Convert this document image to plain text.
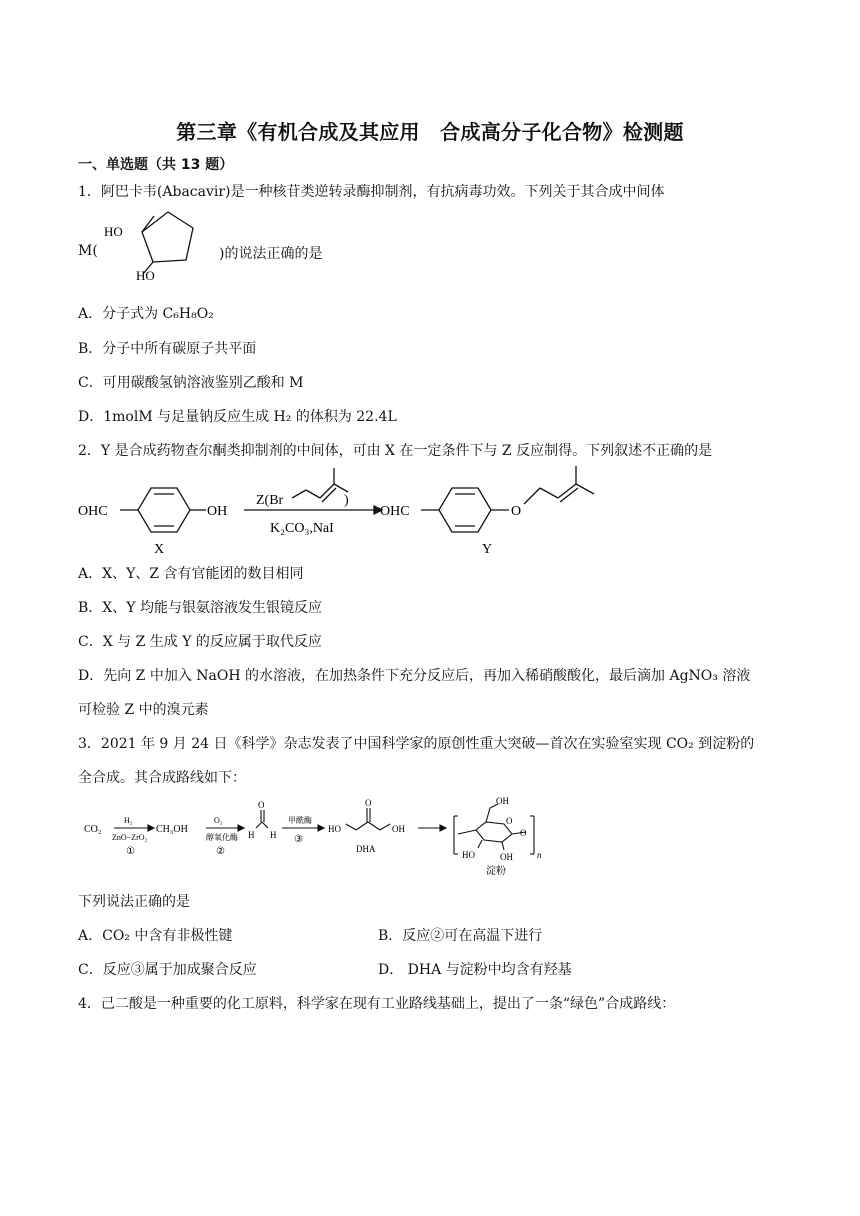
第三章《有机合成及其应用　合成高分子化合物》检测题
一、单选题（共 13 题）
1．阿巴卡韦(Abacavir)是一种核苷类逆转录酶抑制剂，有抗病毒功效。下列关于其合成中间体
M(
HO
HO
)的说法正确的是
A．分子式为 C₆H₈O₂
B．分子中所有碳原子共平面
C．可用碳酸氢钠溶液鉴别乙酸和 M
D．1molM 与足量钠反应生成 H₂ 的体积为 22.4L
2．Y 是合成药物查尔酮类抑制剂的中间体，可由 X 在一定条件下与 Z 反应制得。下列叙述不正确的是
OHC	OH
X
Z(Br	)
K₂CO₃,NaI
OHC	O
Y
A．X、Y、Z 含有官能团的数目相同
B．X、Y 均能与银氨溶液发生银镜反应
C．X 与 Z 生成 Y 的反应属于取代反应
D．先向 Z 中加入 NaOH 的水溶液，在加热条件下充分反应后，再加入稀硝酸酸化，最后滴加 AgNO₃ 溶液
可检验 Z 中的溴元素
3．2021 年 9 月 24 日《科学》杂志发表了中国科学家的原创性重大突破—首次在实验室实现 CO₂ 到淀粉的
全合成。其合成路线如下：
CO₂
H₂
ZnO−ZrO₂
①
CH₃OH
O₂
醇氧化酶
②
H H
O
甲酰酶
③
HO	OH
O
DHA
OH
HO	OH
O
O
n
淀粉
下列说法正确的是
A．CO₂ 中含有非极性键	B．反应②可在高温下进行
C．反应③属于加成聚合反应	D． DHA 与淀粉中均含有羟基
4．己二酸是一种重要的化工原料，科学家在现有工业路线基础上，提出了一条“绿色”合成路线：
